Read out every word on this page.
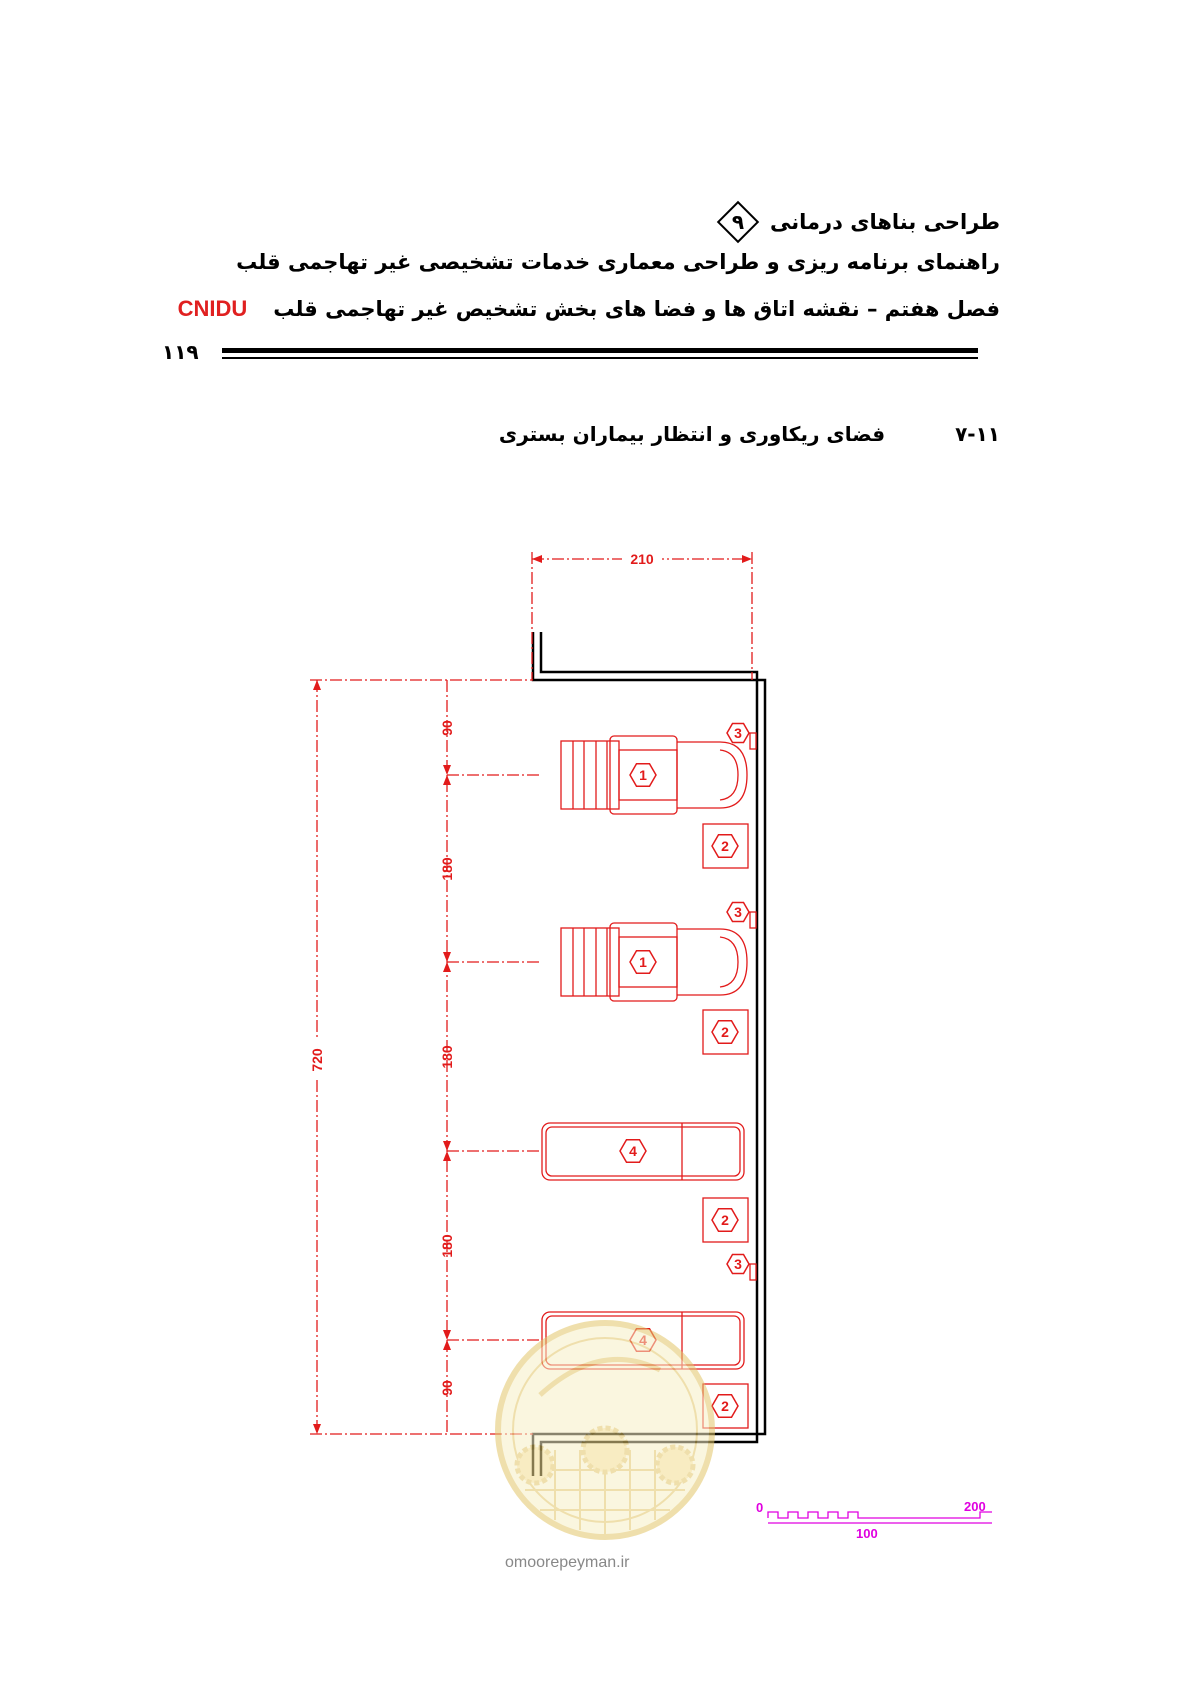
طراحی بناهای درمانی
۹
راهنمای برنامه ریزی و طراحی معماری خدمات تشخیصی غیر تهاجمی قلب
فصل هفتم – نقشه اتاق ها و فضا های بخش تشخیص غیر تهاجمی قلب
CNIDU
۱۱۹
۷-۱۱
فضای ریکاوری و انتظار بیماران بستری
210
720
90
180
180
180
90
1
2
1
2
4
2
2
3
3
3
0	200
100
omoorepeyman.ir
